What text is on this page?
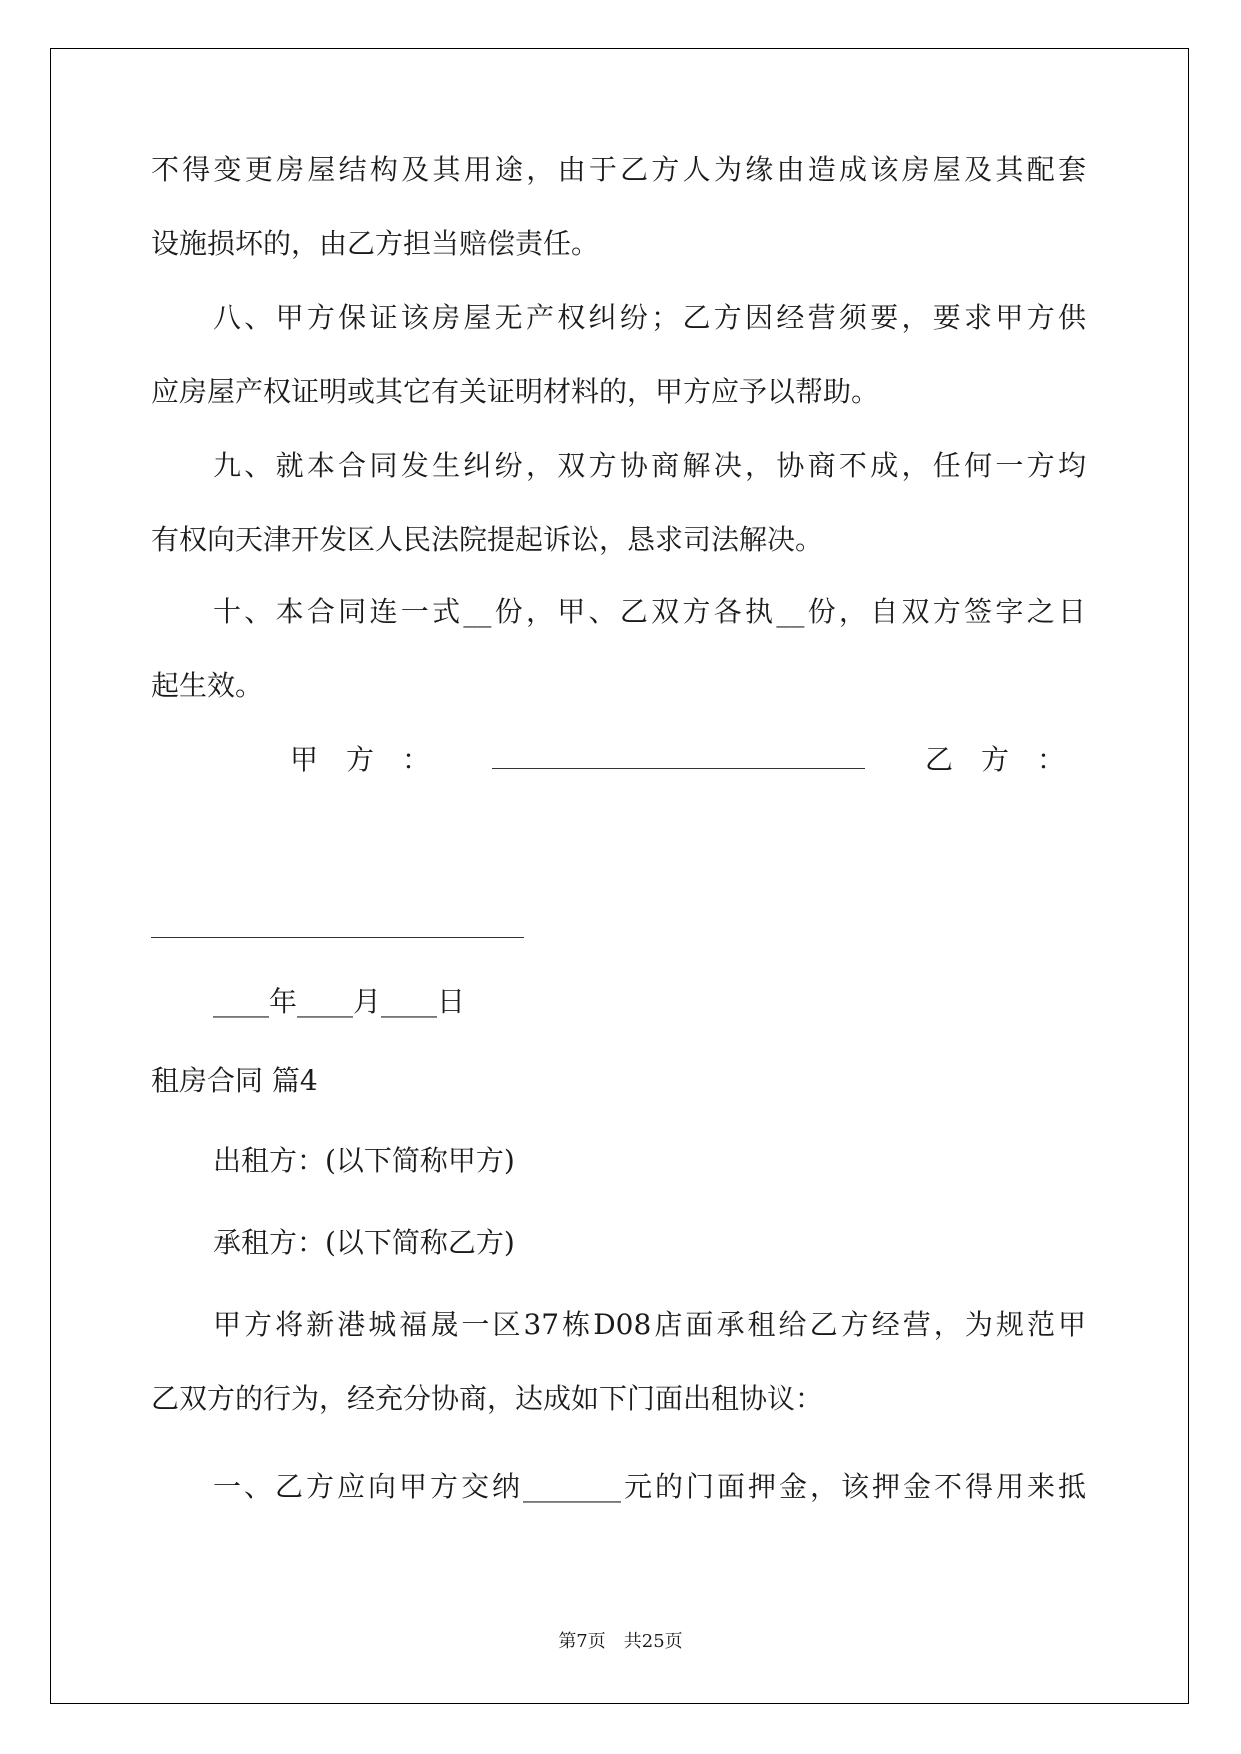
不得变更房屋结构及其用途，由于乙方人为缘由造成该房屋及其配套
设施损坏的，由乙方担当赔偿责任。
八、甲方保证该房屋无产权纠纷；乙方因经营须要，要求甲方供
应房屋产权证明或其它有关证明材料的，甲方应予以帮助。
九、就本合同发生纠纷，双方协商解决，协商不成，任何一方均
有权向天津开发区人民法院提起诉讼，恳求司法解决。
十、本合同连一式__份，甲、乙双方各执__份，自双方签字之日
起生效。
甲　方　：	乙　方　：
____年____月____日
租房合同 篇4
出租方：(以下简称甲方)
承租方：(以下简称乙方)
甲方将新港城福晟一区37栋D08店面承租给乙方经营，为规范甲
乙双方的行为，经充分协商，达成如下门面出租协议：
一、乙方应向甲方交纳_______元的门面押金，该押金不得用来抵
第7页　共25页
